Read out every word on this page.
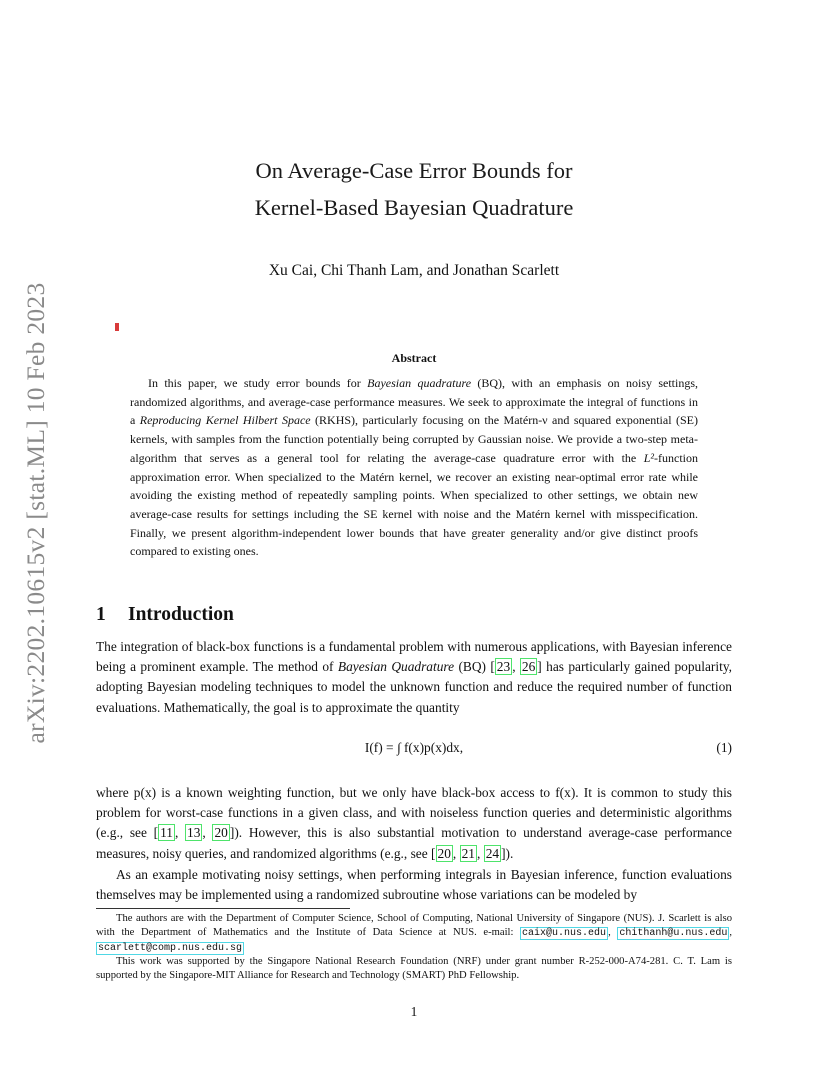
arXiv:2202.10615v2 [stat.ML] 10 Feb 2023
On Average-Case Error Bounds for
Kernel-Based Bayesian Quadrature
Xu Cai, Chi Thanh Lam, and Jonathan Scarlett
Abstract

In this paper, we study error bounds for Bayesian quadrature (BQ), with an emphasis on noisy settings, randomized algorithms, and average-case performance measures. We seek to approximate the integral of functions in a Reproducing Kernel Hilbert Space (RKHS), particularly focusing on the Matérn-ν and squared exponential (SE) kernels, with samples from the function potentially being corrupted by Gaussian noise. We provide a two-step meta-algorithm that serves as a general tool for relating the average-case quadrature error with the L²-function approximation error. When specialized to the Matérn kernel, we recover an existing near-optimal error rate while avoiding the existing method of repeatedly sampling points. When specialized to other settings, we obtain new average-case results for settings including the SE kernel with noise and the Matérn kernel with misspecification. Finally, we present algorithm-independent lower bounds that have greater generality and/or give distinct proofs compared to existing ones.

1 Introduction

The integration of black-box functions is a fundamental problem with numerous applications, with Bayesian inference being a prominent example. The method of Bayesian Quadrature (BQ) [ 23 , 26 ] has particularly gained popularity, adopting Bayesian modeling techniques to model the unknown function and reduce the required number of function evaluations. Mathematically, the goal is to approximate the quantity

I(f) = ∫ f(x)p(x)dx,	(1)

where p(x) is a known weighting function, but we only have black-box access to f(x). It is common to study this problem for worst-case functions in a given class, and with noiseless function queries and deterministic algorithms (e.g., see [ 11 , 13 , 20 ]). However, this is also substantial motivation to understand average-case performance measures, noisy queries, and randomized algorithms (e.g., see [ 20 , 21 , 24 ]).

As an example motivating noisy settings, when performing integrals in Bayesian inference, function evaluations themselves may be implemented using a randomized subroutine whose variations can be modeled by

The authors are with the Department of Computer Science, School of Computing, National University of Singapore (NUS). J. Scarlett is also with the Department of Mathematics and the Institute of Data Science at NUS. e-mail: caix@u.nus.edu , chithanh@u.nus.edu , scarlett@comp.nus.edu.sg

This work was supported by the Singapore National Research Foundation (NRF) under grant number R-252-000-A74-281. C. T. Lam is supported by the Singapore-MIT Alliance for Research and Technology (SMART) PhD Fellowship.

1
